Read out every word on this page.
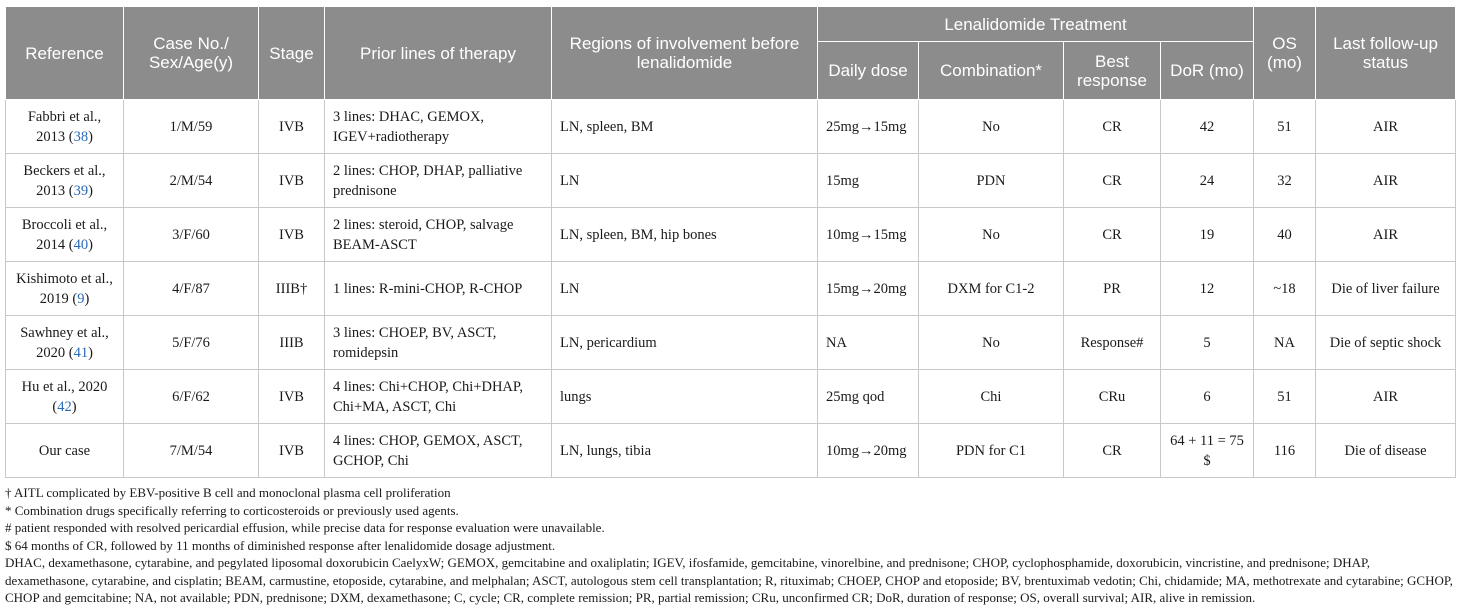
Reference	Case No./ Sex/Age(y)	Stage	Prior lines of therapy	Regions of involvement before lenalidomide	Lenalidomide Treatment				OS (mo)	Last follow-up status
					Daily dose	Combination*	Best response	DoR (mo)		
Fabbri et al., 2013 (38)	1/M/59	IVB	3 lines: DHAC, GEMOX, IGEV+radiotherapy	LN, spleen, BM	25mg→15mg	No	CR	42	51	AIR
Beckers et al., 2013 (39)	2/M/54	IVB	2 lines: CHOP, DHAP, palliative prednisone	LN	15mg	PDN	CR	24	32	AIR
Broccoli et al., 2014 (40)	3/F/60	IVB	2 lines: steroid, CHOP, salvage BEAM-ASCT	LN, spleen, BM, hip bones	10mg→15mg	No	CR	19	40	AIR
Kishimoto et al., 2019 (9)	4/F/87	IIIB†	1 lines: R-mini-CHOP, R-CHOP	LN	15mg→20mg	DXM for C1-2	PR	12	~18	Die of liver failure
Sawhney et al., 2020 (41)	5/F/76	IIIB	3 lines: CHOEP, BV, ASCT, romidepsin	LN, pericardium	NA	No	Response#	5	NA	Die of septic shock
Hu et al., 2020 (42)	6/F/62	IVB	4 lines: Chi+CHOP, Chi+DHAP, Chi+MA, ASCT, Chi	lungs	25mg qod	Chi	CRu	6	51	AIR
Our case	7/M/54	IVB	4 lines: CHOP, GEMOX, ASCT, GCHOP, Chi	LN, lungs, tibia	10mg→20mg	PDN for C1	CR	64 + 11 = 75 $	116	Die of disease
† AITL complicated by EBV-positive B cell and monoclonal plasma cell proliferation
* Combination drugs specifically referring to corticosteroids or previously used agents.
# patient responded with resolved pericardial effusion, while precise data for response evaluation were unavailable.
$ 64 months of CR, followed by 11 months of diminished response after lenalidomide dosage adjustment.
DHAC, dexamethasone, cytarabine, and pegylated liposomal doxorubicin CaelyxW; GEMOX, gemcitabine and oxaliplatin; IGEV, ifosfamide, gemcitabine, vinorelbine, and prednisone; CHOP, cyclophosphamide, doxorubicin, vincristine, and prednisone; DHAP, dexamethasone, cytarabine, and cisplatin; BEAM, carmustine, etoposide, cytarabine, and melphalan; ASCT, autologous stem cell transplantation; R, rituximab; CHOEP, CHOP and etoposide; BV, brentuximab vedotin; Chi, chidamide; MA, methotrexate and cytarabine; GCHOP, CHOP and gemcitabine; NA, not available; PDN, prednisone; DXM, dexamethasone; C, cycle; CR, complete remission; PR, partial remission; CRu, unconfirmed CR; DoR, duration of response; OS, overall survival; AIR, alive in remission.
